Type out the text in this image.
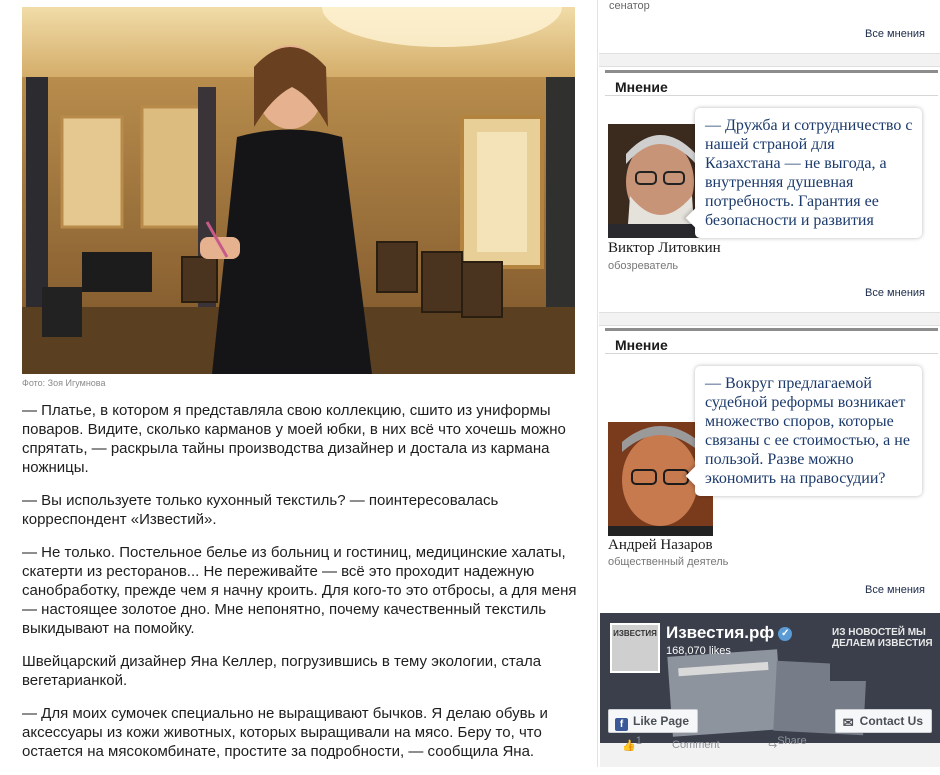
Фото: Зоя Игумнова

— Платье, в котором я представляла свою коллекцию, сшито из униформы поваров. Видите, сколько карманов у моей юбки, в них всё что хочешь можно спрятать, — раскрыла тайны производства дизайнер и достала из кармана ножницы.

— Вы используете только кухонный текстиль? — поинтересовалась корреспондент «Известий».

— Не только. Постельное белье из больниц и гостиниц, медицинские халаты, скатерти из ресторанов... Не переживайте — всё это проходит надежную санобработку, прежде чем я начну кроить. Для кого-то это отбросы, а для меня — настоящее золотое дно. Мне непонятно, почему качественный текстиль выкидывают на помойку.

Швейцарский дизайнер Яна Келлер, погрузившись в тему экологии, стала вегетарианкой.

— Для моих сумочек специально не выращивают бычков. Я делаю обувь и аксессуары из кожи животных, которых выращивали на мясо. Беру то, что остается на мясокомбинате, простите за подробности, — сообщила Яна.

сенатор
Все мнения
Мнение
— Дружба и сотрудничество с нашей страной для Казахстана — не выгода, а внутренняя душевная потребность. Гарантия ее безопасности и развития
Виктор Литовкин
обозреватель
Все мнения
Мнение
— Вокруг предлагаемой судебной реформы возникает множество споров, которые связаны с ее стоимостью, а не пользой. Разве можно экономить на правосудии?
Андрей Назаров
общественный деятель
Все мнения
ИЗВЕСТИЯ Известия.рф ✓
168,070 likes
ИЗ НОВОСТЕЙ МЫ ДЕЛАЕМ ИЗВЕСТИЯ
f Like Page	✉ Contact Us
👍 1	Comment	↪ Share
